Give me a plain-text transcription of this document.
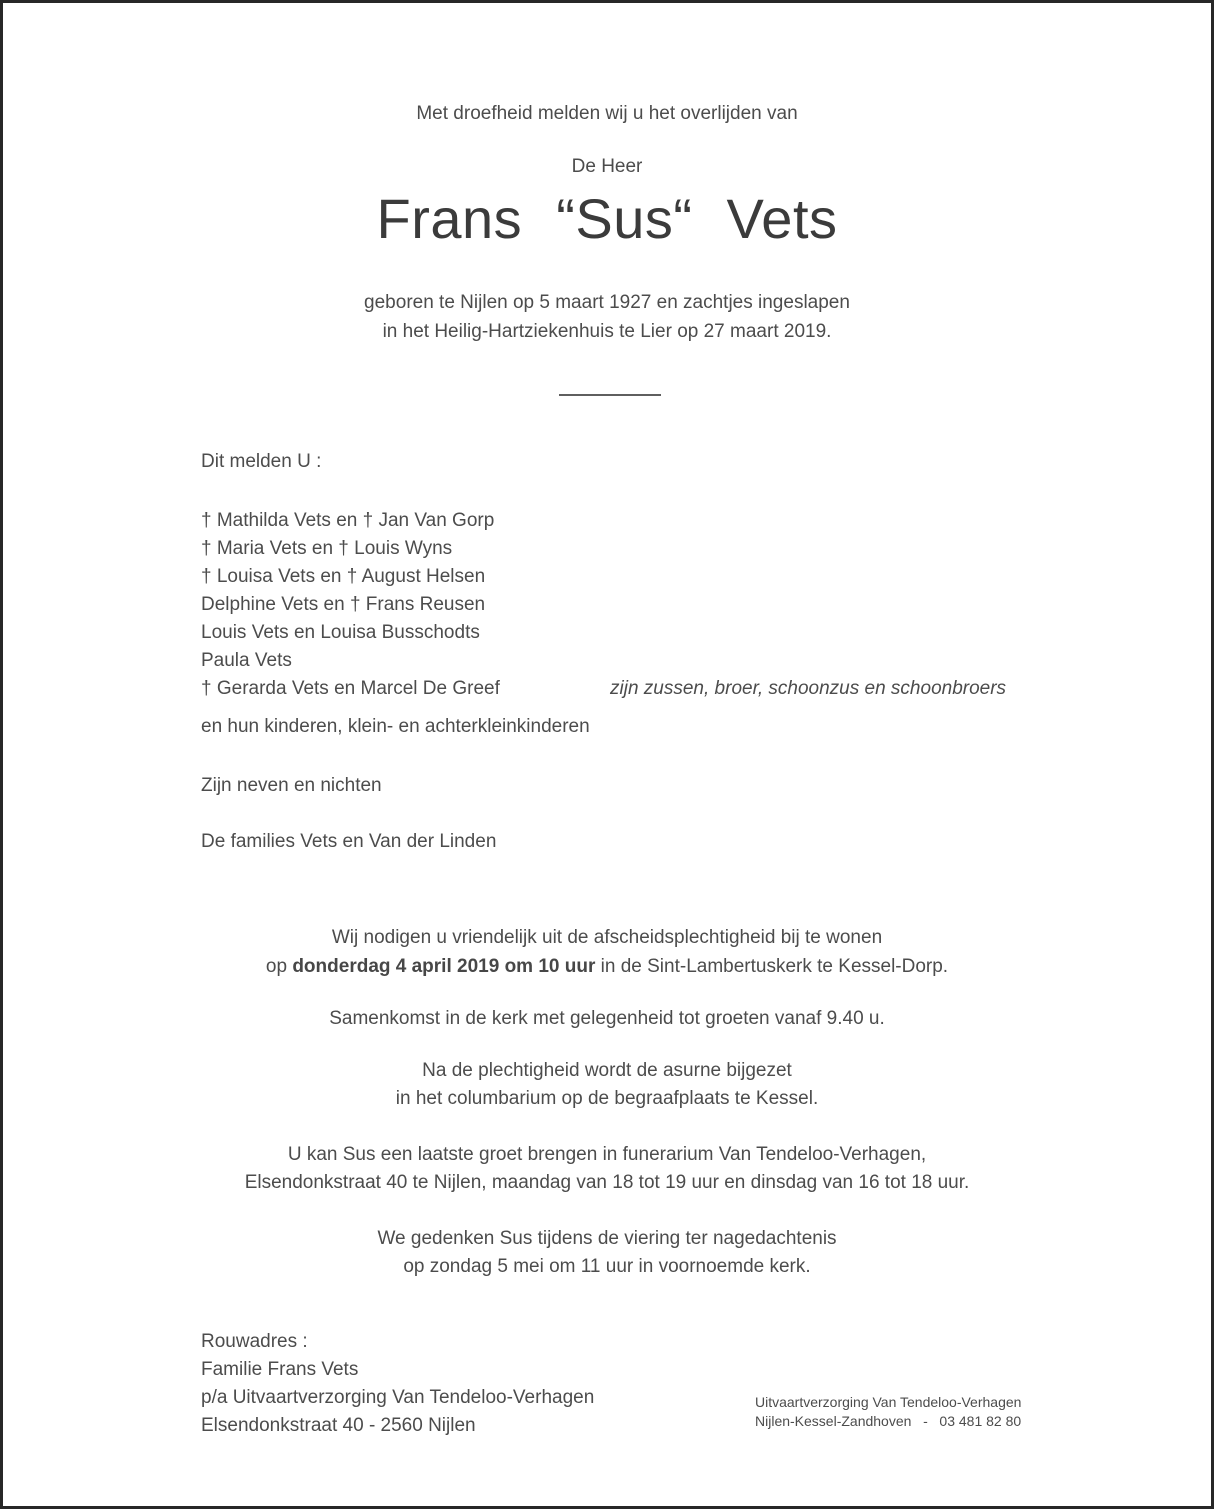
Met droefheid melden wij u het overlijden van
De Heer
Frans “Sus“ Vets
geboren te Nijlen op 5 maart 1927 en zachtjes ingeslapen
in het Heilig-Hartziekenhuis te Lier op 27 maart 2019.
Dit melden U :
† Mathilda Vets en † Jan Van Gorp
† Maria Vets en † Louis Wyns
† Louisa Vets en † August Helsen
Delphine Vets en † Frans Reusen
Louis Vets en Louisa Busschodts
Paula Vets
† Gerarda Vets en Marcel De Greef	zijn zussen, broer, schoonzus en schoonbroers
en hun kinderen, klein- en achterkleinkinderen
Zijn neven en nichten
De families Vets en Van der Linden
Wij nodigen u vriendelijk uit de afscheidsplechtigheid bij te wonen
op donderdag 4 april 2019 om 10 uur in de Sint-Lambertuskerk te Kessel-Dorp.
Samenkomst in de kerk met gelegenheid tot groeten vanaf 9.40 u.
Na de plechtigheid wordt de asurne bijgezet
in het columbarium op de begraafplaats te Kessel.
U kan Sus een laatste groet brengen in funerarium Van Tendeloo-Verhagen,
Elsendonkstraat 40 te Nijlen, maandag van 18 tot 19 uur en dinsdag van 16 tot 18 uur.
We gedenken Sus tijdens de viering ter nagedachtenis
op zondag 5 mei om 11 uur in voornoemde kerk.
Rouwadres :
Familie Frans Vets
p/a Uitvaartverzorging Van Tendeloo-Verhagen
Elsendonkstraat 40 - 2560 Nijlen
Uitvaartverzorging Van Tendeloo-Verhagen
Nijlen-Kessel-Zandhoven   -   03 481 82 80
